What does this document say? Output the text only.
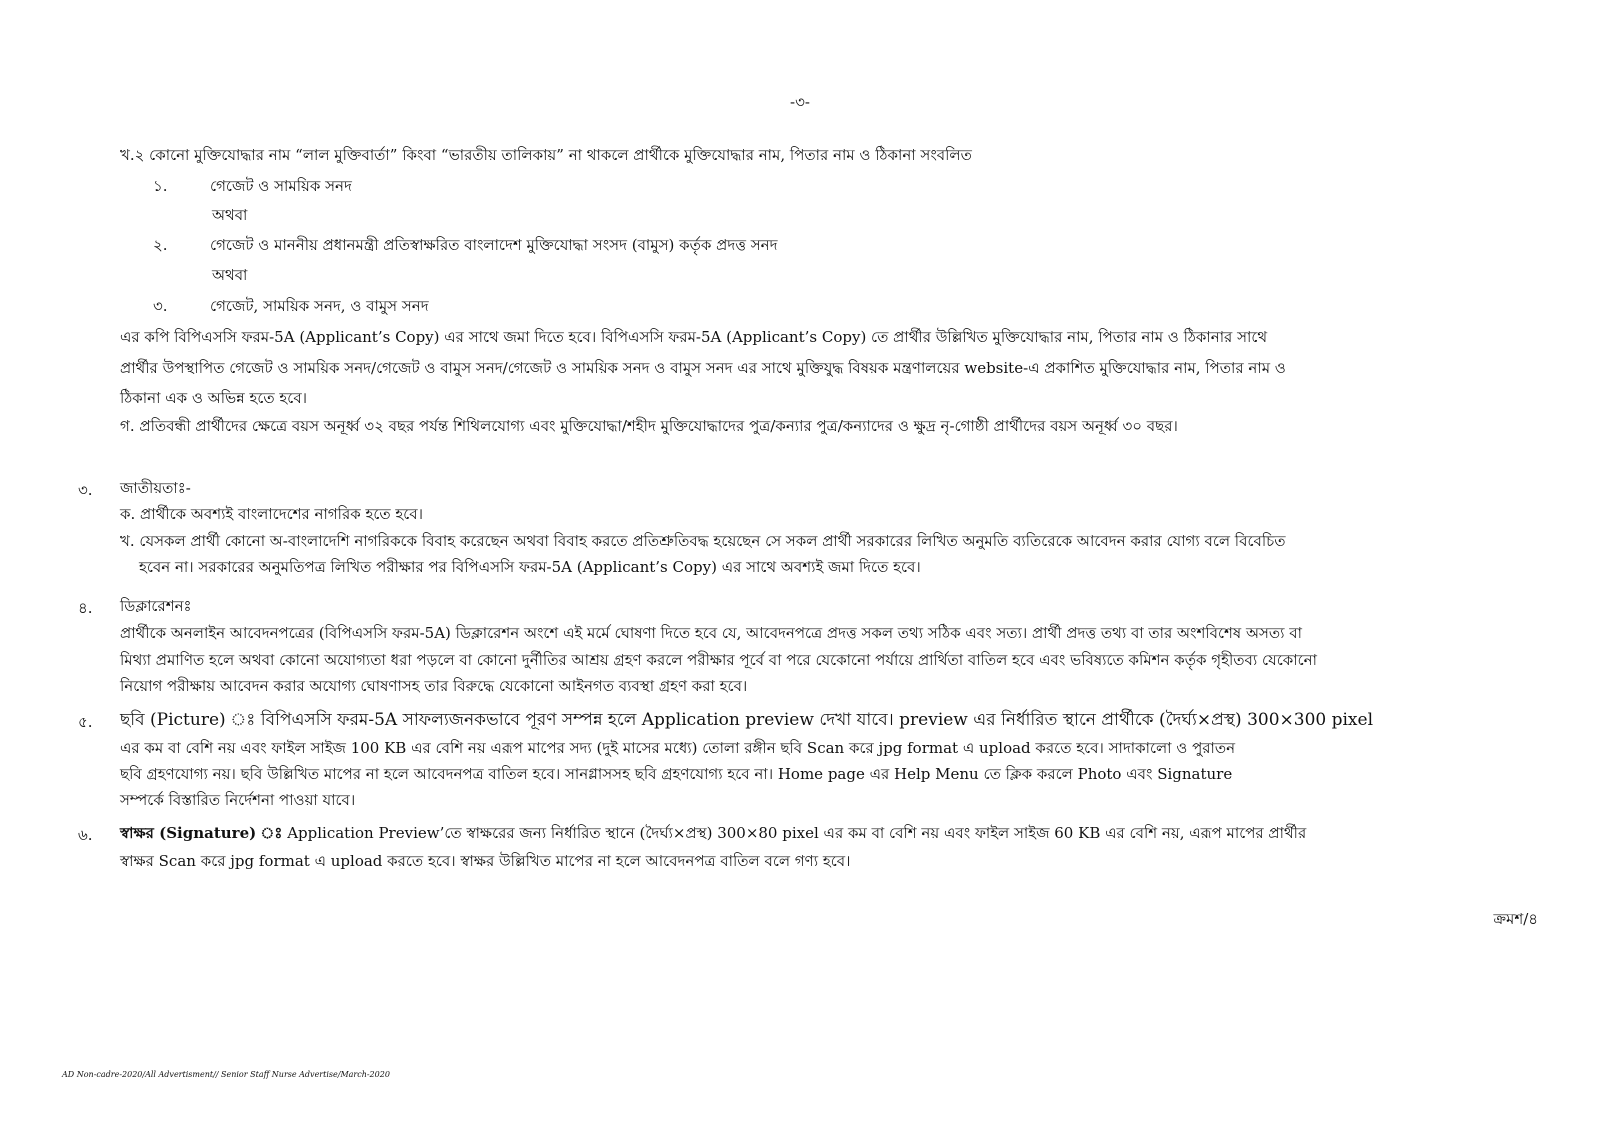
-৩-
খ.২ কোনো মুক্তিযোদ্ধার নাম “লাল মুক্তিবার্তা” কিংবা “ভারতীয় তালিকায়” না থাকলে প্রার্থীকে মুক্তিযোদ্ধার নাম, পিতার নাম ও ঠিকানা সংবলিত
১.	গেজেট ও সাময়িক সনদ
অথবা
২.	গেজেট ও মাননীয় প্রধানমন্ত্রী প্রতিস্বাক্ষরিত বাংলাদেশ মুক্তিযোদ্ধা সংসদ (বামুস) কর্তৃক প্রদত্ত সনদ
অথবা
৩.	গেজেট, সাময়িক সনদ, ও বামুস সনদ
এর কপি বিপিএসসি ফরম-5A (Applicant’s Copy) এর সাথে জমা দিতে হবে। বিপিএসসি ফরম-5A (Applicant’s Copy) তে প্রার্থীর উল্লিখিত মুক্তিযোদ্ধার নাম, পিতার নাম ও ঠিকানার সাথে
প্রার্থীর উপস্থাপিত গেজেট ও সাময়িক সনদ/গেজেট ও বামুস সনদ/গেজেট ও সাময়িক সনদ ও বামুস সনদ এর সাথে মুক্তিযুদ্ধ বিষয়ক মন্ত্রণালয়ের website-এ প্রকাশিত মুক্তিযোদ্ধার নাম, পিতার নাম ও
ঠিকানা এক ও অভিন্ন হতে হবে।
গ. প্রতিবন্ধী প্রার্থীদের ক্ষেত্রে বয়স অনূর্ধ্ব ৩২ বছর পর্যন্ত শিথিলযোগ্য এবং মুক্তিযোদ্ধা/শহীদ মুক্তিযোদ্ধাদের পুত্র/কন্যার পুত্র/কন্যাদের ও ক্ষুদ্র নৃ-গোষ্ঠী প্রার্থীদের বয়স অনূর্ধ্ব ৩০ বছর।
৩. জাতীয়তাঃ-
ক. প্রার্থীকে অবশ্যই বাংলাদেশের নাগরিক হতে হবে।
খ. যেসকল প্রার্থী কোনো অ-বাংলাদেশি নাগরিককে বিবাহ করেছেন অথবা বিবাহ করতে প্রতিশ্রুতিবদ্ধ হয়েছেন সে সকল প্রার্থী সরকারের লিখিত অনুমতি ব্যতিরেকে আবেদন করার যোগ্য বলে বিবেচিত
হবেন না। সরকারের অনুমতিপত্র লিখিত পরীক্ষার পর বিপিএসসি ফরম-5A (Applicant’s Copy) এর সাথে অবশ্যই জমা দিতে হবে।
৪. ডিক্লারেশনঃ
প্রার্থীকে অনলাইন আবেদনপত্রের (বিপিএসসি ফরম-5A) ডিক্লারেশন অংশে এই মর্মে ঘোষণা দিতে হবে যে, আবেদনপত্রে প্রদত্ত সকল তথ্য সঠিক এবং সত্য। প্রার্থী প্রদত্ত তথ্য বা তার অংশবিশেষ অসত্য বা
মিথ্যা প্রমাণিত হলে অথবা কোনো অযোগ্যতা ধরা পড়লে বা কোনো দুর্নীতির আশ্রয় গ্রহণ করলে পরীক্ষার পূর্বে বা পরে যেকোনো পর্যায়ে প্রার্থিতা বাতিল হবে এবং ভবিষ্যতে কমিশন কর্তৃক গৃহীতব্য যেকোনো
নিয়োগ পরীক্ষায় আবেদন করার অযোগ্য ঘোষণাসহ তার বিরুদ্ধে যেকোনো আইনগত ব্যবস্থা গ্রহণ করা হবে।
৫. ছবি (Picture) ঃ বিপিএসসি ফরম-5A সাফল্যজনকভাবে পূরণ সম্পন্ন হলে Application preview দেখা যাবে। preview এর নির্ধারিত স্থানে প্রার্থীকে (দৈর্ঘ্য×প্রস্থ) 300×300 pixel
এর কম বা বেশি নয় এবং ফাইল সাইজ 100 KB এর বেশি নয় এরূপ মাপের সদ্য (দুই মাসের মধ্যে) তোলা রঙ্গীন ছবি Scan করে jpg format এ upload করতে হবে। সাদাকালো ও পুরাতন
ছবি গ্রহণযোগ্য নয়। ছবি উল্লিখিত মাপের না হলে আবেদনপত্র বাতিল হবে। সানগ্লাসসহ ছবি গ্রহণযোগ্য হবে না। Home page এর Help Menu তে ক্লিক করলে Photo এবং Signature
সম্পর্কে বিস্তারিত নির্দেশনা পাওয়া যাবে।
৬. স্বাক্ষর (Signature) ঃ Application Preview’তে স্বাক্ষরের জন্য নির্ধারিত স্থানে (দৈর্ঘ্য×প্রস্থ) 300×80 pixel এর কম বা বেশি নয় এবং ফাইল সাইজ 60 KB এর বেশি নয়, এরূপ মাপের প্রার্থীর
স্বাক্ষর Scan করে jpg format এ upload করতে হবে। স্বাক্ষর উল্লিখিত মাপের না হলে আবেদনপত্র বাতিল বলে গণ্য হবে।
ক্রমশ/৪
AD Non-cadre-2020/All Advertisment// Senior Staff Nurse Advertise/March-2020
